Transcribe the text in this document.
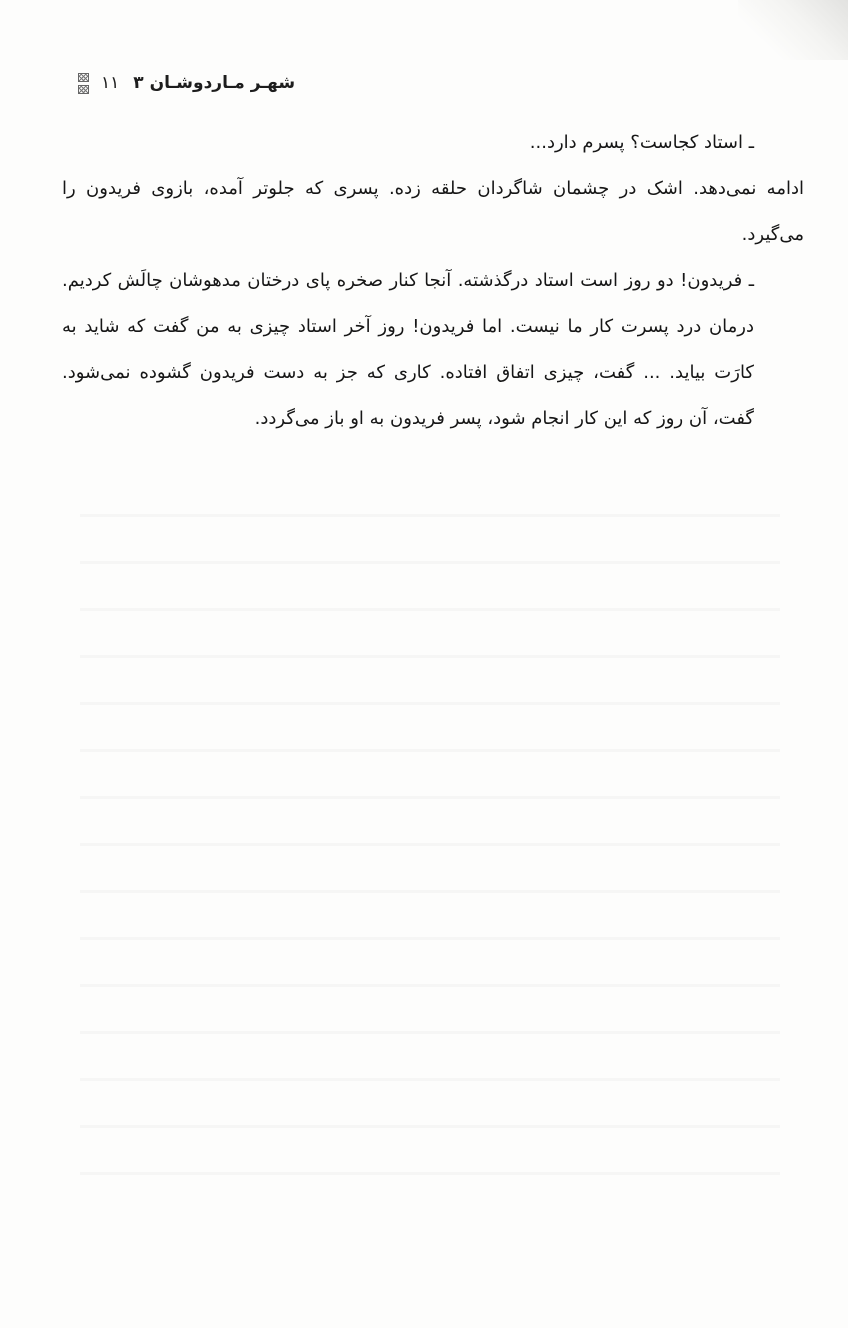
۱۱ شهـر مـاردوشـان ۳

ـ استاد کجاست؟ پسرم دارد...

ادامه نمی‌دهد. اشک در چشمان شاگردان حلقه زده. پسری که جلوتر آمده، بازوی فریدون را می‌گیرد.

ـ فریدون! دو روز است استاد درگذشته. آنجا کنار صخره پای درختان مدهوشان چالَش کردیم. درمان درد پسرت کار ما نیست. اما فریدون! روز آخر استاد چیزی به من گفت که شاید به کارَت بیاید. ... گفت، چیزی اتفاق افتاده. کاری که جز به دست فریدون گشوده نمی‌شود. گفت، آن روز که این کار انجام شود، پسر فریدون به او باز می‌گردد.
